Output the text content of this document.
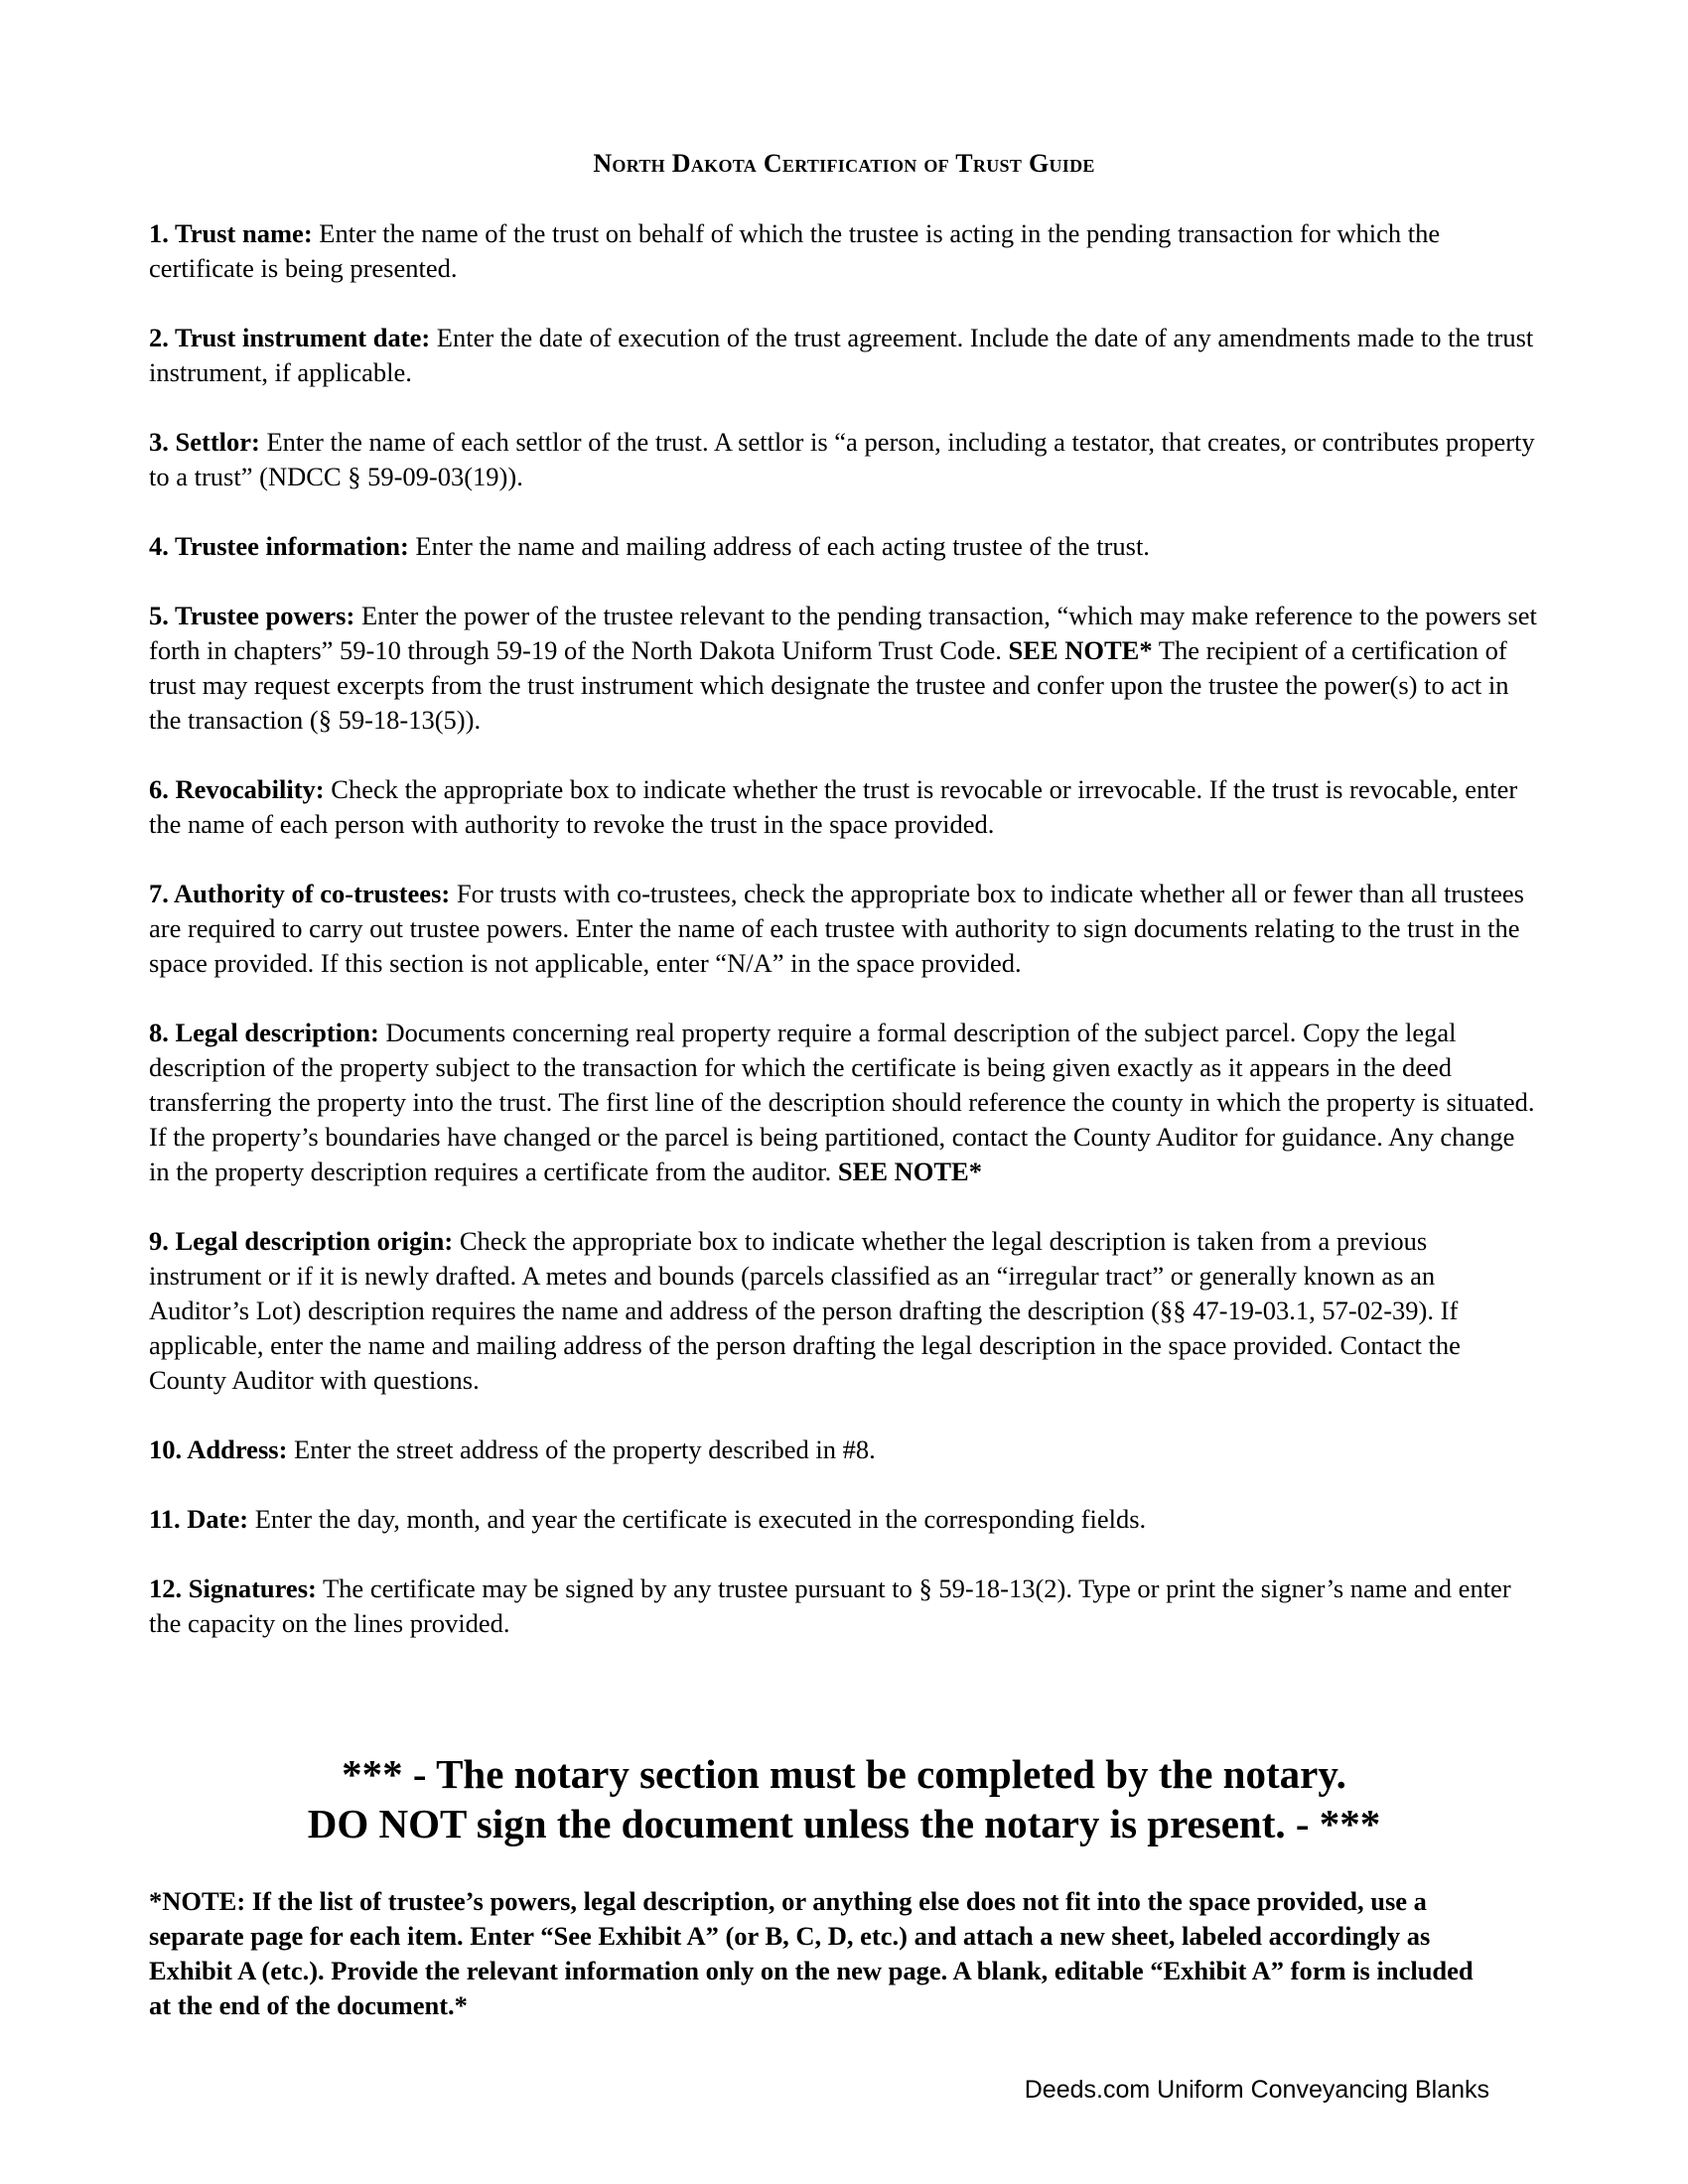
North Dakota Certification of Trust Guide

1. Trust name: Enter the name of the trust on behalf of which the trustee is acting in the pending transaction for which the certificate is being presented.

2. Trust instrument date: Enter the date of execution of the trust agreement. Include the date of any amendments made to the trust instrument, if applicable.

3. Settlor: Enter the name of each settlor of the trust. A settlor is “a person, including a testator, that creates, or contributes property to a trust” (NDCC § 59-09-03(19)).

4. Trustee information: Enter the name and mailing address of each acting trustee of the trust.

5. Trustee powers: Enter the power of the trustee relevant to the pending transaction, “which may make reference to the powers set forth in chapters” 59-10 through 59-19 of the North Dakota Uniform Trust Code. SEE NOTE* The recipient of a certification of trust may request excerpts from the trust instrument which designate the trustee and confer upon the trustee the power(s) to act in the transaction (§ 59-18-13(5)).

6. Revocability: Check the appropriate box to indicate whether the trust is revocable or irrevocable. If the trust is revocable, enter the name of each person with authority to revoke the trust in the space provided.

7. Authority of co-trustees: For trusts with co-trustees, check the appropriate box to indicate whether all or fewer than all trustees are required to carry out trustee powers. Enter the name of each trustee with authority to sign documents relating to the trust in the space provided. If this section is not applicable, enter “N/A” in the space provided.

8. Legal description: Documents concerning real property require a formal description of the subject parcel. Copy the legal description of the property subject to the transaction for which the certificate is being given exactly as it appears in the deed transferring the property into the trust. The first line of the description should reference the county in which the property is situated. If the property’s boundaries have changed or the parcel is being partitioned, contact the County Auditor for guidance. Any change in the property description requires a certificate from the auditor. SEE NOTE*

9. Legal description origin: Check the appropriate box to indicate whether the legal description is taken from a previous instrument or if it is newly drafted. A metes and bounds (parcels classified as an “irregular tract” or generally known as an Auditor’s Lot) description requires the name and address of the person drafting the description (§§ 47-19-03.1, 57-02-39). If applicable, enter the name and mailing address of the person drafting the legal description in the space provided. Contact the County Auditor with questions.

10. Address: Enter the street address of the property described in #8.

11. Date: Enter the day, month, and year the certificate is executed in the corresponding fields.

12. Signatures: The certificate may be signed by any trustee pursuant to § 59-18-13(2). Type or print the signer’s name and enter the capacity on the lines provided.

*** - The notary section must be completed by the notary.
DO NOT sign the document unless the notary is present. - ***
*NOTE: If the list of trustee’s powers, legal description, or anything else does not fit into the space provided, use a separate page for each item. Enter “See Exhibit A” (or B, C, D, etc.) and attach a new sheet, labeled accordingly as Exhibit A (etc.). Provide the relevant information only on the new page. A blank, editable “Exhibit A” form is included at the end of the document.*
Deeds.com Uniform Conveyancing Blanks
